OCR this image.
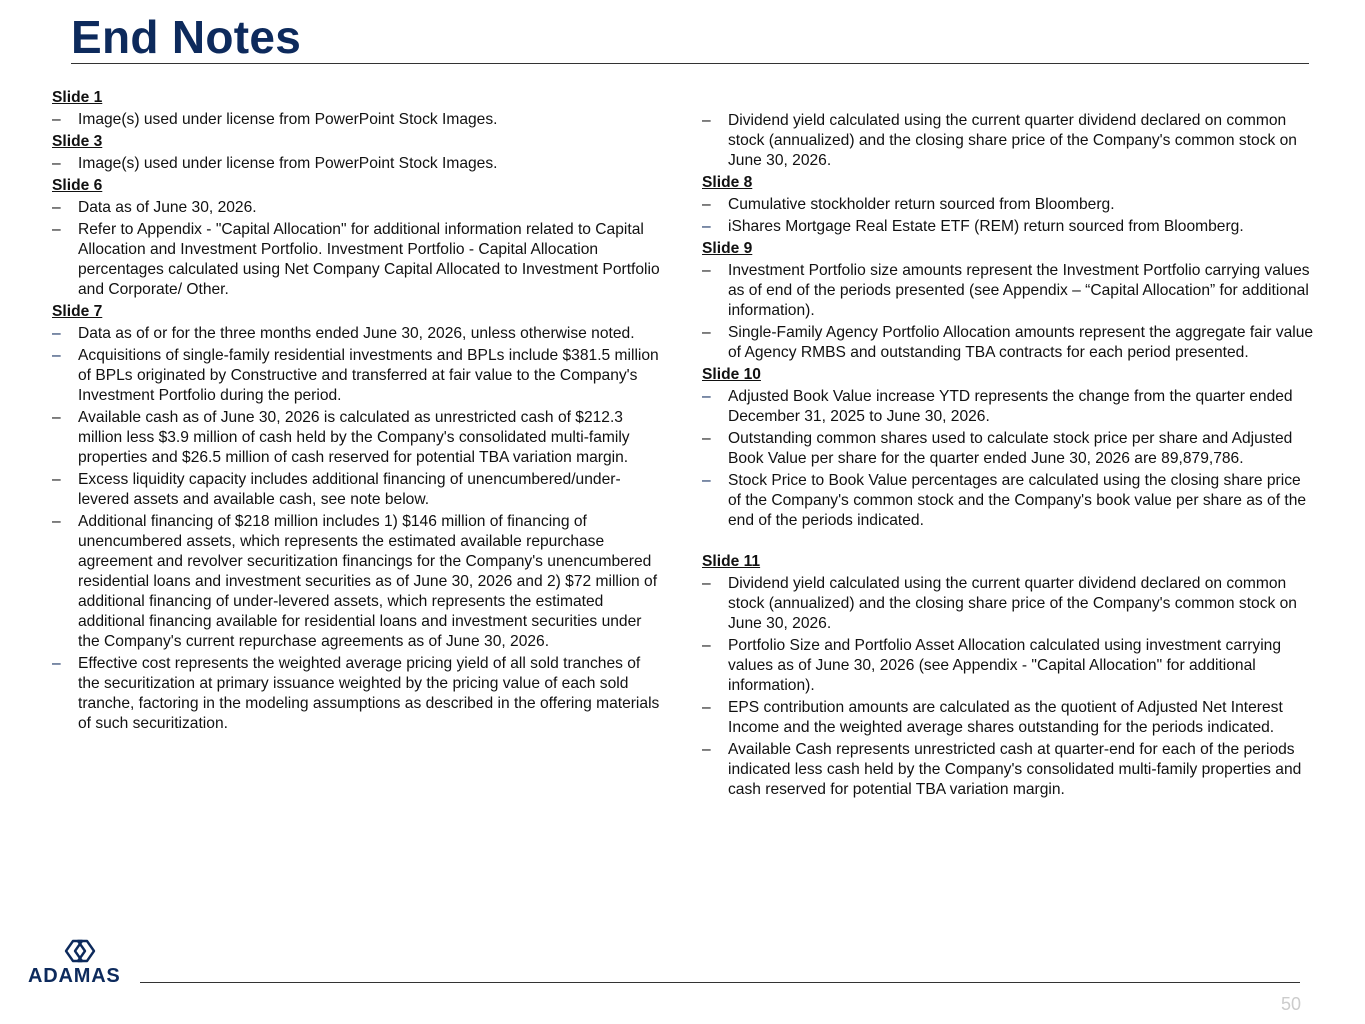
End Notes
Slide 1
– Image(s) used under license from PowerPoint Stock Images.
Slide 3
– Image(s) used under license from PowerPoint Stock Images.
Slide 6
– Data as of June 30, 2026.
– Refer to Appendix - "Capital Allocation" for additional information related to Capital Allocation and Investment Portfolio. Investment Portfolio - Capital Allocation percentages calculated using Net Company Capital Allocated to Investment Portfolio and Corporate/ Other.
Slide 7
– Data as of or for the three months ended June 30, 2026, unless otherwise noted.
– Acquisitions of single-family residential investments and BPLs include $381.5 million of BPLs originated by Constructive and transferred at fair value to the Company's Investment Portfolio during the period.
– Available cash as of June 30, 2026 is calculated as unrestricted cash of $212.3 million less $3.9 million of cash held by the Company's consolidated multi-family properties and $26.5 million of cash reserved for potential TBA variation margin.
– Excess liquidity capacity includes additional financing of unencumbered/under-levered assets and available cash, see note below.
– Additional financing of $218 million includes 1) $146 million of financing of unencumbered assets, which represents the estimated available repurchase agreement and revolver securitization financings for the Company's unencumbered residential loans and investment securities as of June 30, 2026 and 2) $72 million of additional financing of under-levered assets, which represents the estimated additional financing available for residential loans and investment securities under the Company's current repurchase agreements as of June 30, 2026.
– Effective cost represents the weighted average pricing yield of all sold tranches of the securitization at primary issuance weighted by the pricing value of each sold tranche, factoring in the modeling assumptions as described in the offering materials of such securitization.
– Dividend yield calculated using the current quarter dividend declared on common stock (annualized) and the closing share price of the Company's common stock on June 30, 2026.
Slide 8
– Cumulative stockholder return sourced from Bloomberg.
– iShares Mortgage Real Estate ETF (REM) return sourced from Bloomberg.
Slide 9
– Investment Portfolio size amounts represent the Investment Portfolio carrying values as of end of the periods presented (see Appendix – “Capital Allocation” for additional information).
– Single-Family Agency Portfolio Allocation amounts represent the aggregate fair value of Agency RMBS and outstanding TBA contracts for each period presented.
Slide 10
– Adjusted Book Value increase YTD represents the change from the quarter ended December 31, 2025 to June 30, 2026.
– Outstanding common shares used to calculate stock price per share and Adjusted Book Value per share for the quarter ended June 30, 2026 are 89,879,786.
– Stock Price to Book Value percentages are calculated using the closing share price of the Company's common stock and the Company's book value per share as of the end of the periods indicated.
Slide 11
– Dividend yield calculated using the current quarter dividend declared on common stock (annualized) and the closing share price of the Company's common stock on June 30, 2026.
– Portfolio Size and Portfolio Asset Allocation calculated using investment carrying values as of June 30, 2026 (see Appendix - "Capital Allocation" for additional information).
– EPS contribution amounts are calculated as the quotient of Adjusted Net Interest Income and the weighted average shares outstanding for the periods indicated.
– Available Cash represents unrestricted cash at quarter-end for each of the periods indicated less cash held by the Company's consolidated multi-family properties and cash reserved for potential TBA variation margin.
ADAMAS
50
